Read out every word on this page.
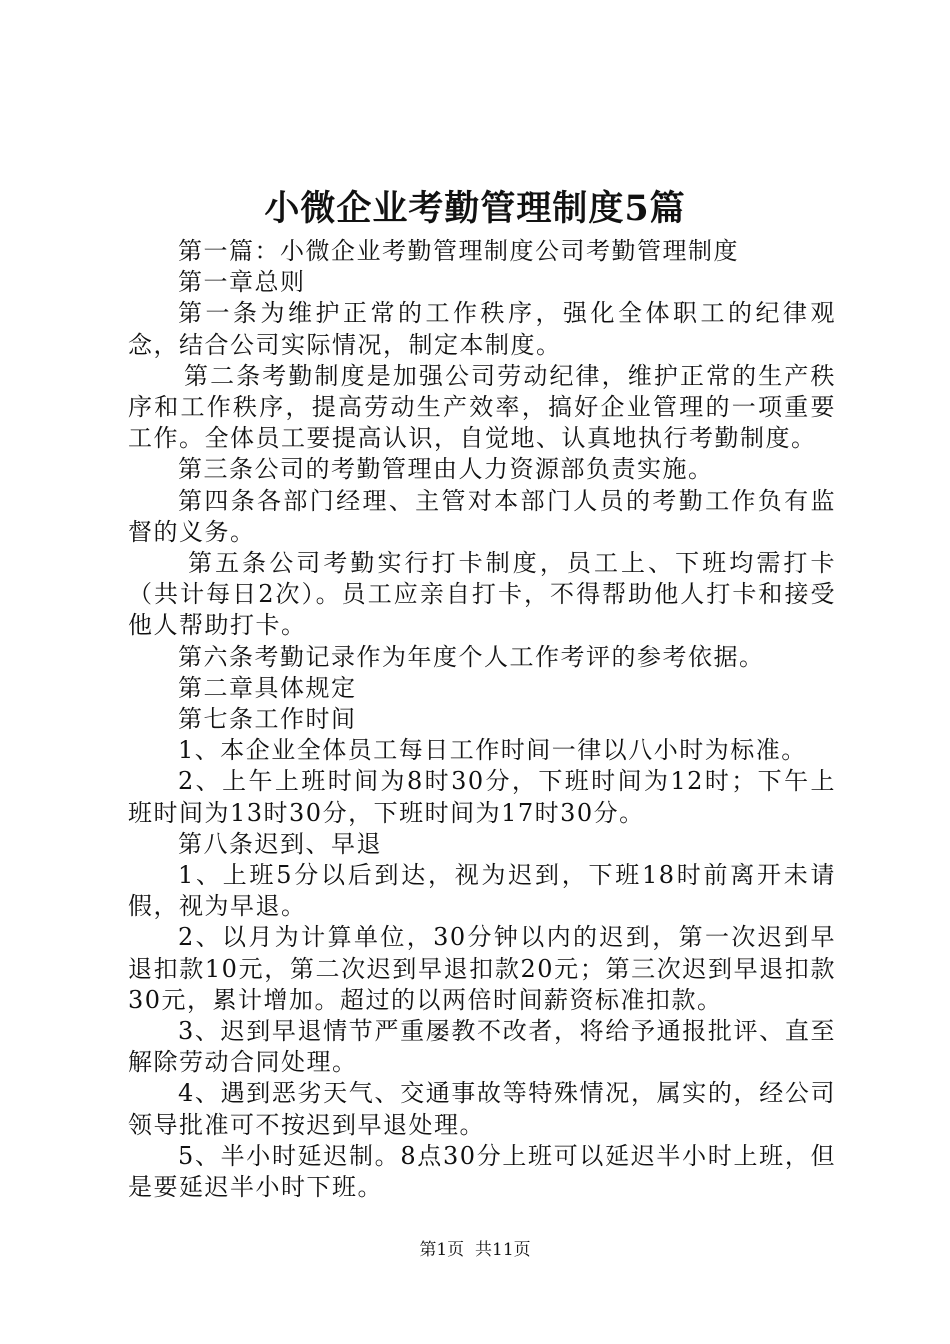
小微企业考勤管理制度5篇

第一篇：小微企业考勤管理制度公司考勤管理制度

第一章总则

第一条为维护正常的工作秩序，强化全体职工的纪律观念，结合公司实际情况，制定本制度。

第二条考勤制度是加强公司劳动纪律，维护正常的生产秩序和工作秩序，提高劳动生产效率，搞好企业管理的一项重要工作。全体员工要提高认识，自觉地、认真地执行考勤制度。

第三条公司的考勤管理由人力资源部负责实施。

第四条各部门经理、主管对本部门人员的考勤工作负有监督的义务。

第五条公司考勤实行打卡制度，员工上、下班均需打卡（共计每日2次）。员工应亲自打卡，不得帮助他人打卡和接受他人帮助打卡。

第六条考勤记录作为年度个人工作考评的参考依据。

第二章具体规定

第七条工作时间

1、本企业全体员工每日工作时间一律以八小时为标准。

2、上午上班时间为8时30分，下班时间为12时；下午上班时间为13时30分，下班时间为17时30分。

第八条迟到、早退

1、上班5分以后到达，视为迟到，下班18时前离开未请假，视为早退。

2、以月为计算单位，30分钟以内的迟到，第一次迟到早退扣款10元，第二次迟到早退扣款20元；第三次迟到早退扣款30元，累计增加。超过的以两倍时间薪资标准扣款。

3、迟到早退情节严重屡教不改者，将给予通报批评、直至解除劳动合同处理。

4、遇到恶劣天气、交通事故等特殊情况，属实的，经公司领导批准可不按迟到早退处理。

5、半小时延迟制。8点30分上班可以延迟半小时上班，但是要延迟半小时下班。

第1页 共11页
